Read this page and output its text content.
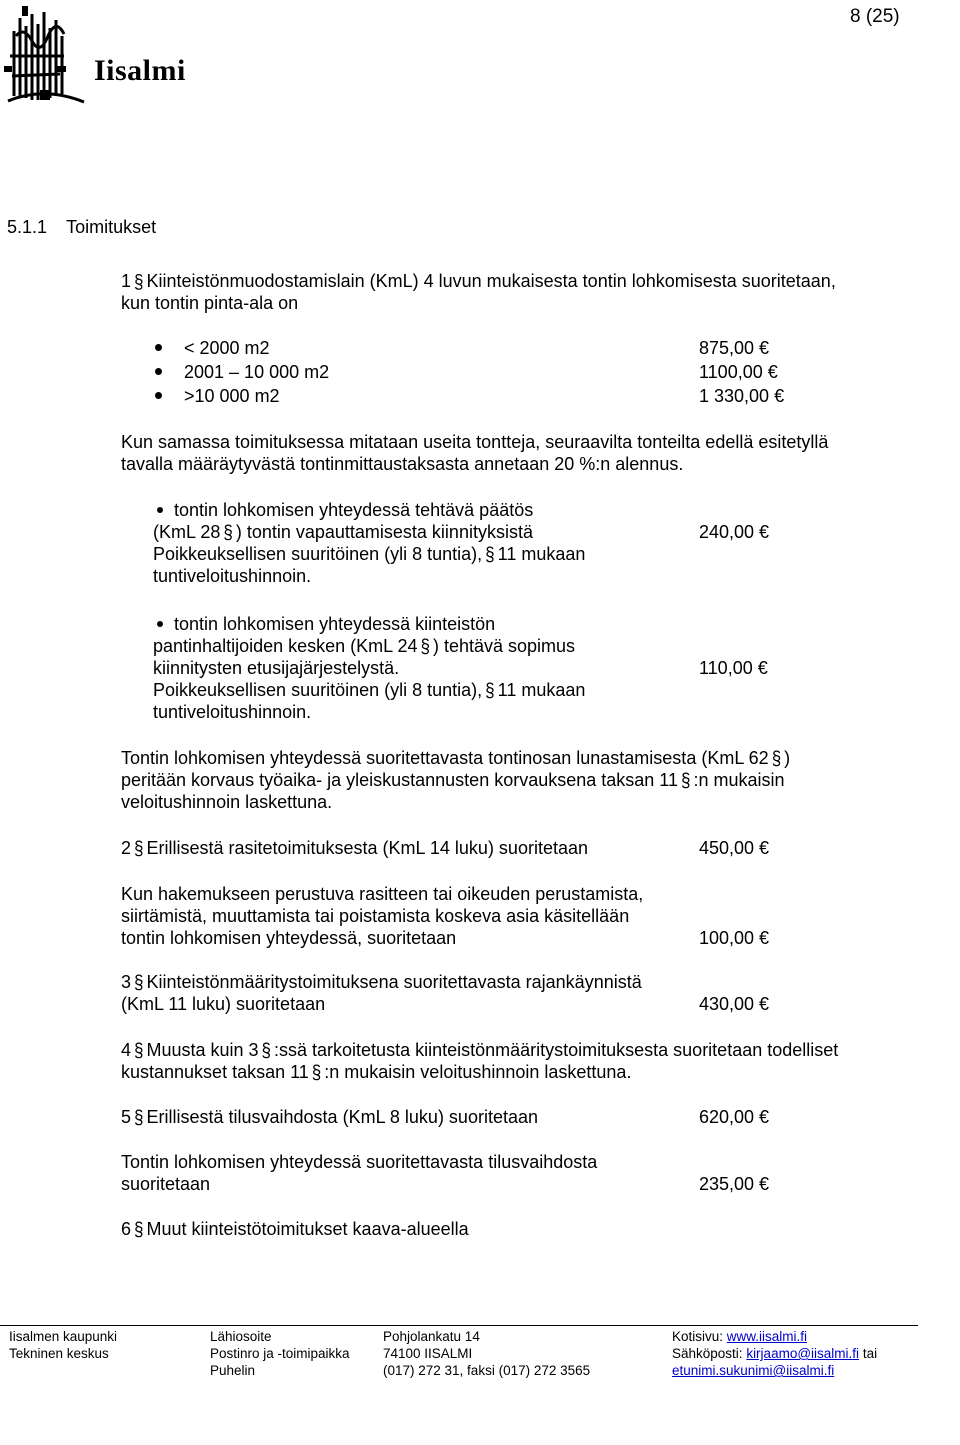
8 (25)
Iisalmi
5.1.1 Toimitukset
1 § Kiinteistönmuodostamislain (KmL) 4 luvun mukaisesta tontin lohkomisesta suoritetaan,
kun tontin pinta-ala on
< 2000 m2	875,00 €
2001 – 10 000 m2	1100,00 €
>10 000 m2	1 330,00 €
Kun samassa toimituksessa mitataan useita tontteja, seuraavilta tonteilta edellä esitetyllä
tavalla määräytyvästä tontinmittaustaksasta annetaan 20 %:n alennus.
tontin lohkomisen yhteydessä tehtävä päätös
(KmL 28 § ) tontin vapauttamisesta kiinnityksistä	240,00 €
Poikkeuksellisen suuritöinen (yli 8 tuntia), § 11 mukaan
tuntiveloitushinnoin.
tontin lohkomisen yhteydessä kiinteistön
pantinhaltijoiden kesken (KmL 24 § ) tehtävä sopimus
kiinnitysten etusijajärjestelystä.	110,00 €
Poikkeuksellisen suuritöinen (yli 8 tuntia), § 11 mukaan
tuntiveloitushinnoin.
Tontin lohkomisen yhteydessä suoritettavasta tontinosan lunastamisesta (KmL 62 § )
peritään korvaus työaika- ja yleiskustannusten korvauksena taksan 11 § :n mukaisin
veloitushinnoin laskettuna.
2 § Erillisestä rasitetoimituksesta (KmL 14 luku) suoritetaan	450,00 €
Kun hakemukseen perustuva rasitteen tai oikeuden perustamista,
siirtämistä, muuttamista tai poistamista koskeva asia käsitellään
tontin lohkomisen yhteydessä, suoritetaan	100,00 €
3 § Kiinteistönmääritystoimituksena suoritettavasta rajankäynnistä
(KmL 11 luku) suoritetaan	430,00 €
4 § Muusta kuin 3 § :ssä tarkoitetusta kiinteistönmääritystoimituksesta suoritetaan todelliset
kustannukset taksan 11 § :n mukaisin veloitushinnoin laskettuna.
5 § Erillisestä tilusvaihdosta (KmL 8 luku) suoritetaan	620,00 €
Tontin lohkomisen yhteydessä suoritettavasta tilusvaihdosta
suoritetaan	235,00 €
6 § Muut kiinteistötoimitukset kaava-alueella
Iisalmen kaupunki
Tekninen keskus
Lähiosoite
Postinro ja -toimipaikka
Puhelin
Pohjolankatu 14
74100 IISALMI
(017) 272 31, faksi (017) 272 3565
Kotisivu: www.iisalmi.fi
Sähköposti: kirjaamo@iisalmi.fi tai
etunimi.sukunimi@iisalmi.fi
